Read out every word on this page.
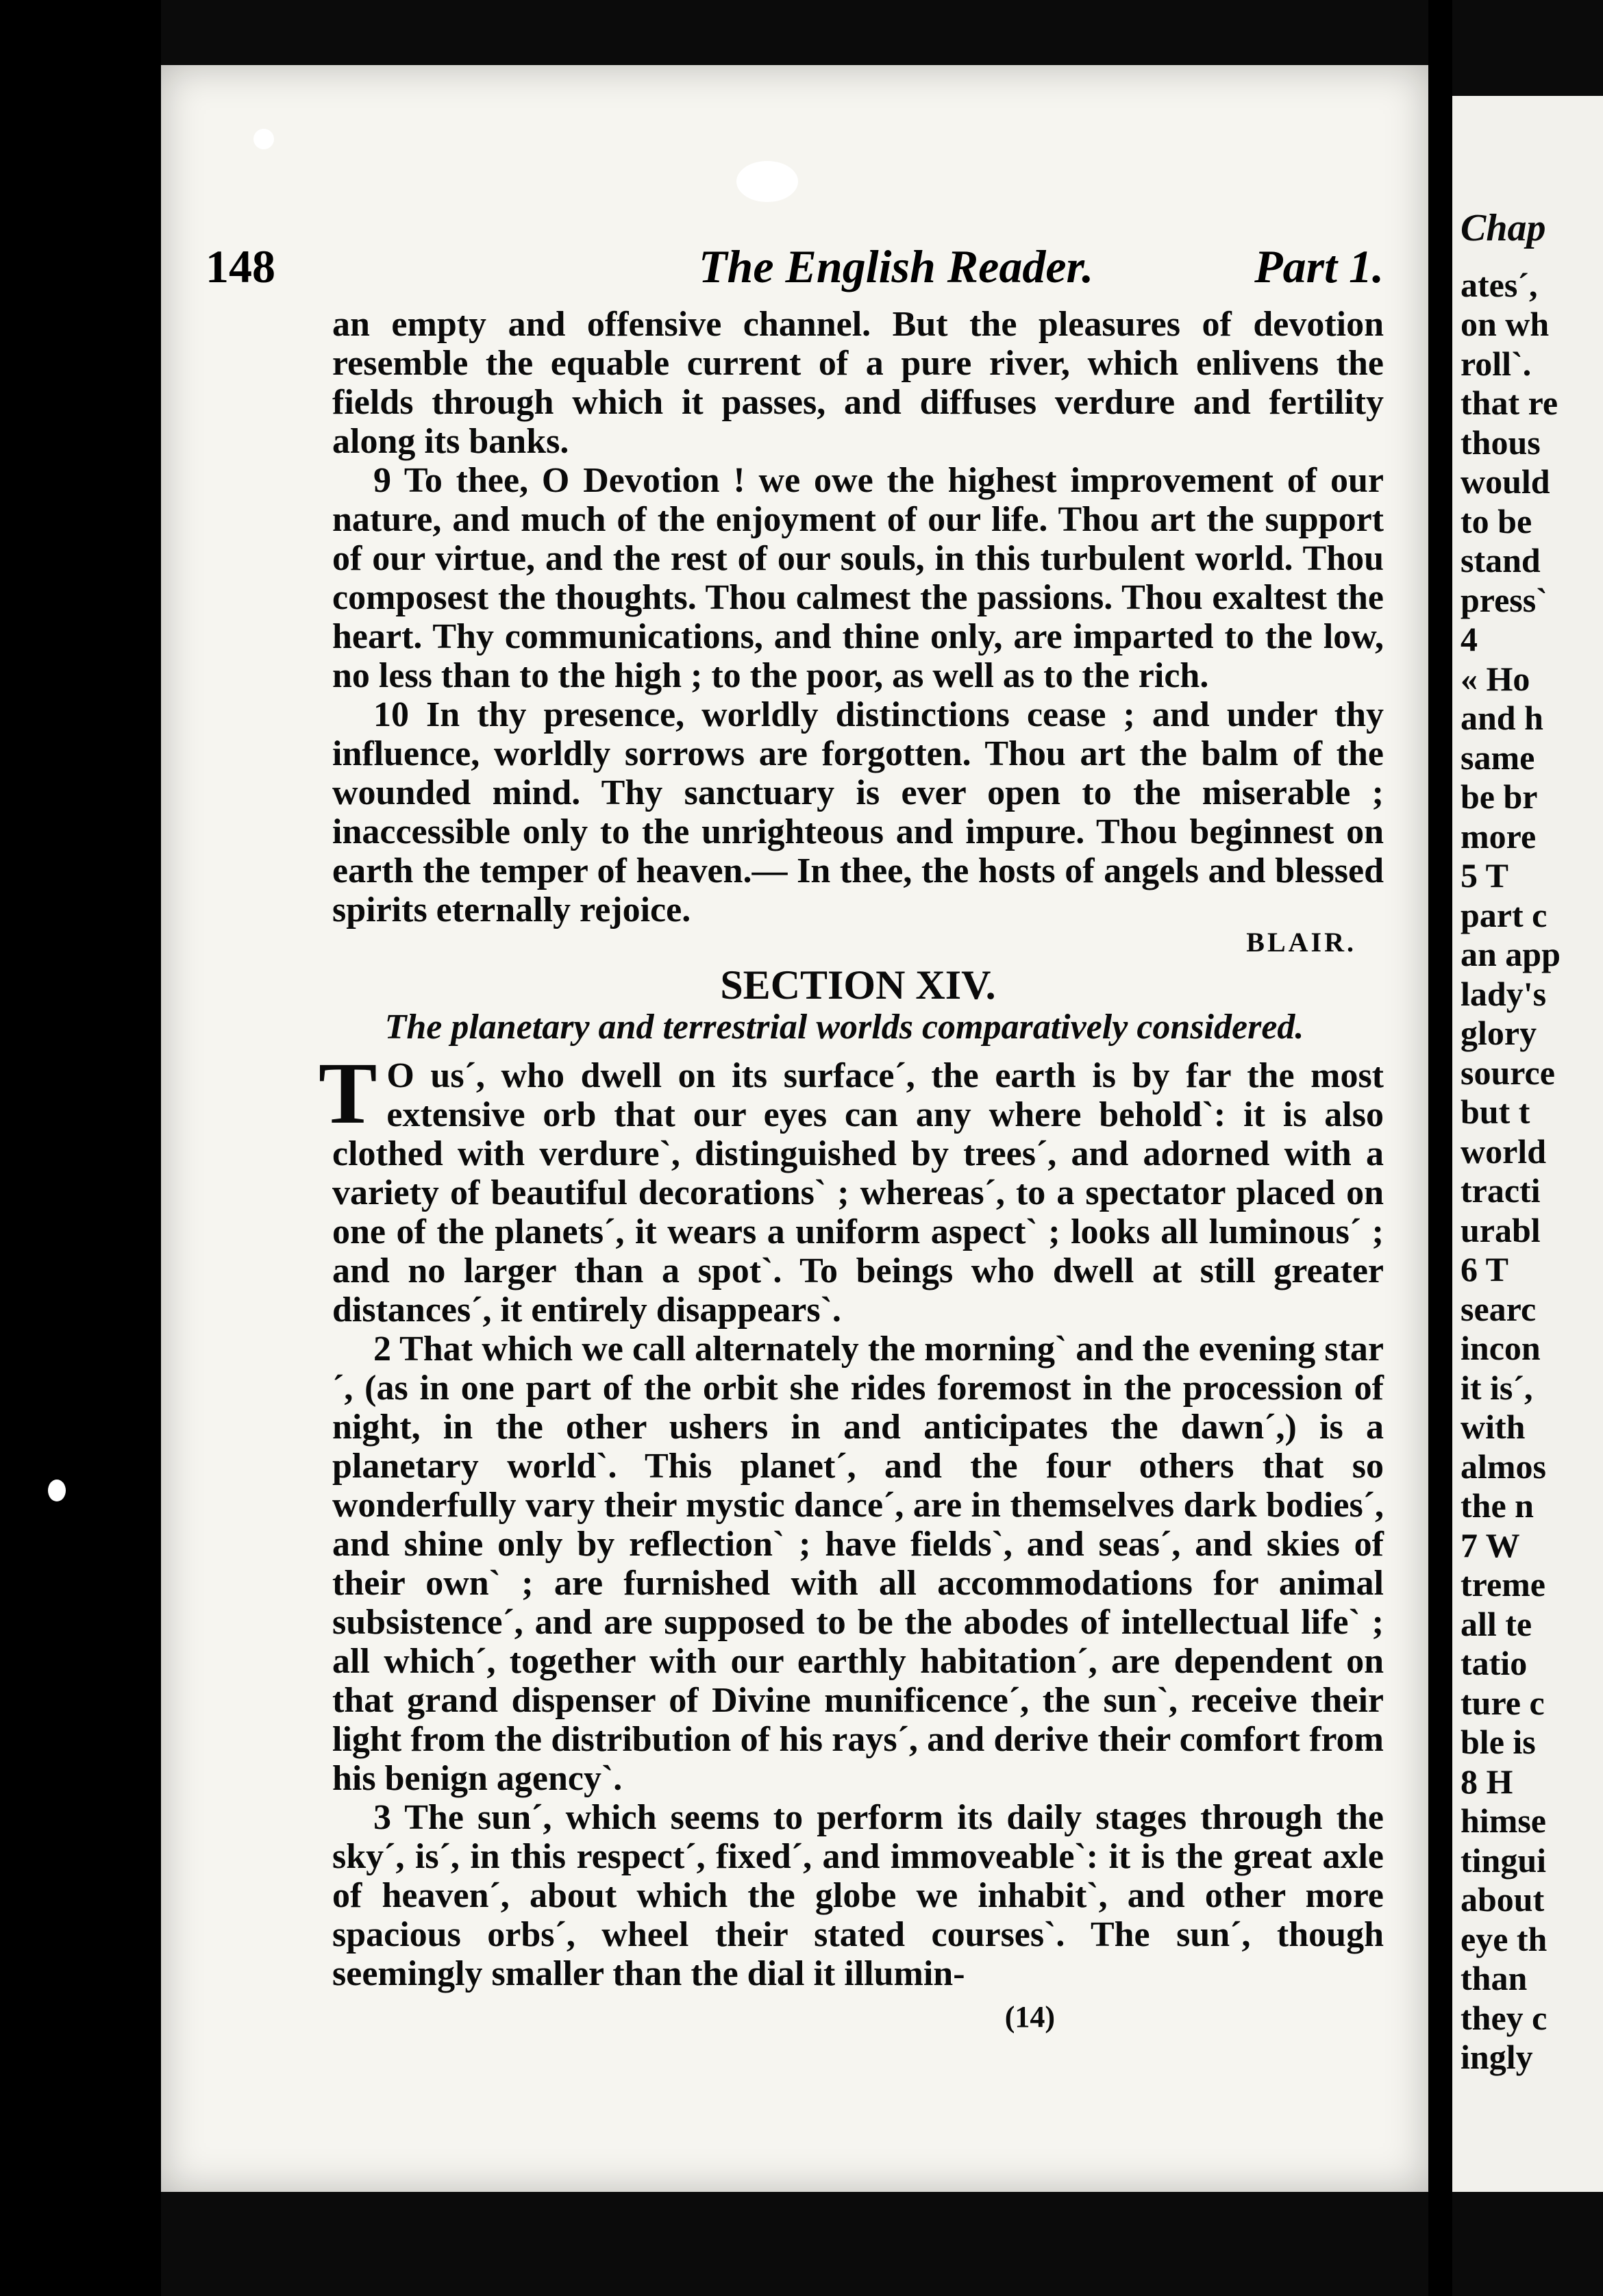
Chap
ates´,
on wh
roll`.
that re
thous
would
to be
stand
press`
4
« Ho
and h
same
be br
more
5 T
part c
an app
lady's
glory
source
but t
world
tracti
urabl
6 T
searc
incon
it is´,
with
almos
the n
7 W
treme
all te
tatio
ture c
ble is
8 H
himse
tingui
about
eye th
than
they c
ingly
148	The English Reader.	Part 1.

an empty and offensive channel. But the pleasures of devotion resemble the equable current of a pure river, which enlivens the fields through which it passes, and diffuses verdure and fertility along its banks.

9 To thee, O Devotion ! we owe the highest improvement of our nature, and much of the enjoyment of our life. Thou art the support of our virtue, and the rest of our souls, in this turbulent world. Thou composest the thoughts. Thou calmest the passions. Thou exaltest the heart. Thy communications, and thine only, are imparted to the low, no less than to the high ; to the poor, as well as to the rich.

10 In thy presence, worldly distinctions cease ; and under thy influence, worldly sorrows are forgotten. Thou art the balm of the wounded mind. Thy sanctuary is ever open to the miserable ; inaccessible only to the unrighteous and impure. Thou beginnest on earth the temper of heaven.— In thee, the hosts of angels and blessed spirits eternally rejoice.

BLAIR.
SECTION XIV.
The planetary and terrestrial worlds comparatively considered.

T O us´, who dwell on its surface´, the earth is by far the most extensive orb that our eyes can any where behold`: it is also clothed with verdure`, distinguished by trees´, and adorned with a variety of beautiful decorations` ; whereas´, to a spectator placed on one of the planets´, it wears a uniform aspect` ; looks all luminous´ ; and no larger than a spot`. To beings who dwell at still greater distances´, it entirely disappears`.

2 That which we call alternately the morning` and the evening star´, (as in one part of the orbit she rides foremost in the procession of night, in the other ushers in and anticipates the dawn´,) is a planetary world`. This planet´, and the four others that so wonderfully vary their mystic dance´, are in themselves dark bodies´, and shine only by reflection` ; have fields`, and seas´, and skies of their own` ; are furnished with all accommodations for animal subsistence´, and are supposed to be the abodes of intellectual life` ; all which´, together with our earthly habitation´, are dependent on that grand dispenser of Divine munificence´, the sun`, receive their light from the distribution of his rays´, and derive their comfort from his benign agency`.

3 The sun´, which seems to perform its daily stages through the sky´, is´, in this respect´, fixed´, and immoveable`: it is the great axle of heaven´, about which the globe we inhabit`, and other more spacious orbs´, wheel their stated courses`. The sun´, though seemingly smaller than the dial it illumin-

(14)
